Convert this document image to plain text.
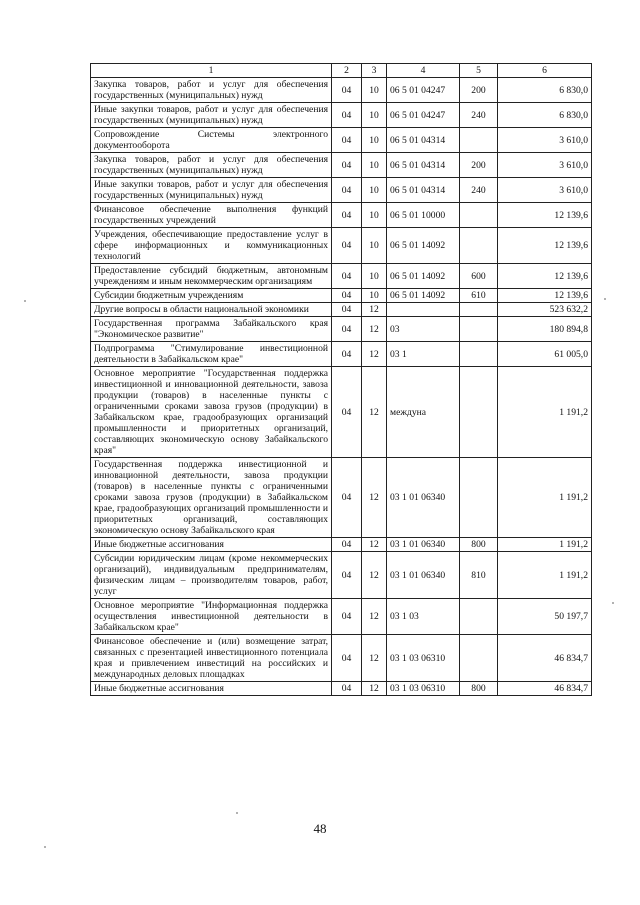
1	2	3	4	5	6
Закупка товаров, работ и услуг для обеспечения государственных (муниципальных) нужд	04	10	06 5 01 04247	200	6 830,0
Иные закупки товаров, работ и услуг для обеспечения государственных (муниципальных) нужд	04	10	06 5 01 04247	240	6 830,0
Сопровождение Системы электронного документооборота	04	10	06 5 01 04314		3 610,0
Закупка товаров, работ и услуг для обеспечения государственных (муниципальных) нужд	04	10	06 5 01 04314	200	3 610,0
Иные закупки товаров, работ и услуг для обеспечения государственных (муниципальных) нужд	04	10	06 5 01 04314	240	3 610,0
Финансовое обеспечение выполнения функций государственных учреждений	04	10	06 5 01 10000		12 139,6
Учреждения, обеспечивающие предоставление услуг в сфере информационных и коммуникационных технологий	04	10	06 5 01 14092		12 139,6
Предоставление субсидий бюджетным, автономным учреждениям и иным некоммерческим организациям	04	10	06 5 01 14092	600	12 139,6
Субсидии бюджетным учреждениям	04	10	06 5 01 14092	610	12 139,6
Другие вопросы в области национальной экономики	04	12			523 632,2
Государственная программа Забайкальского края "Экономическое развитие"	04	12	03		180 894,8
Подпрограмма "Стимулирование инвестиционной деятельности в Забайкальском крае"	04	12	03 1		61 005,0
Основное мероприятие "Государственная поддержка инвестиционной и инновационной деятельности, завоза продукции (товаров) в населенные пункты с ограниченными сроками завоза грузов (продукции) в Забайкальском крае, градообразующих организаций промышленности и приоритетных организаций, составляющих экономическую основу Забайкальского края"	04	12	междуна		1 191,2
Государственная поддержка инвестиционной и инновационной деятельности, завоза продукции (товаров) в населенные пункты с ограниченными сроками завоза грузов (продукции) в Забайкальском крае, градообразующих организаций промышленности и приоритетных организаций, составляющих экономическую основу Забайкальского края	04	12	03 1 01 06340		1 191,2
Иные бюджетные ассигнования	04	12	03 1 01 06340	800	1 191,2
Субсидии юридическим лицам (кроме некоммерческих организаций), индивидуальным предпринимателям, физическим лицам – производителям товаров, работ, услуг	04	12	03 1 01 06340	810	1 191,2
Основное мероприятие "Информационная поддержка осуществления инвестиционной деятельности в Забайкальском крае"	04	12	03 1 03		50 197,7
Финансовое обеспечение и (или) возмещение затрат, связанных с презентацией инвестиционного потенциала края и привлечением инвестиций на российских и международных деловых площадках	04	12	03 1 03 06310		46 834,7
Иные бюджетные ассигнования	04	12	03 1 03 06310	800	46 834,7
48
